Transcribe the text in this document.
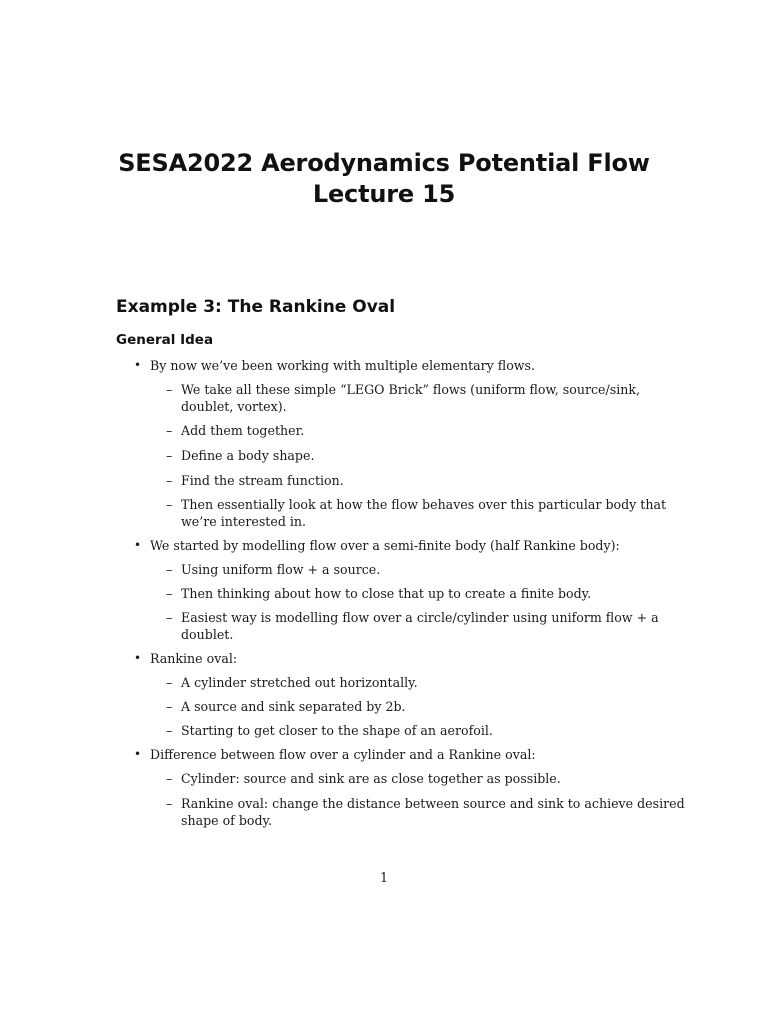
SESA2022 Aerodynamics Potential Flow
Lecture 15
Example 3: The Rankine Oval
General Idea
• By now we’ve been working with multiple elementary flows.
– We take all these simple “LEGO Brick” flows (uniform flow, source/sink,
doublet, vortex).
– Add them together.
– Define a body shape.
– Find the stream function.
– Then essentially look at how the flow behaves over this particular body that
we’re interested in.
• We started by modelling flow over a semi-finite body (half Rankine body):
– Using uniform flow + a source.
– Then thinking about how to close that up to create a finite body.
– Easiest way is modelling flow over a circle/cylinder using uniform flow + a
doublet.
• Rankine oval:
– A cylinder stretched out horizontally.
– A source and sink separated by 2b.
– Starting to get closer to the shape of an aerofoil.
• Difference between flow over a cylinder and a Rankine oval:
– Cylinder: source and sink are as close together as possible.
– Rankine oval: change the distance between source and sink to achieve desired
shape of body.
1
